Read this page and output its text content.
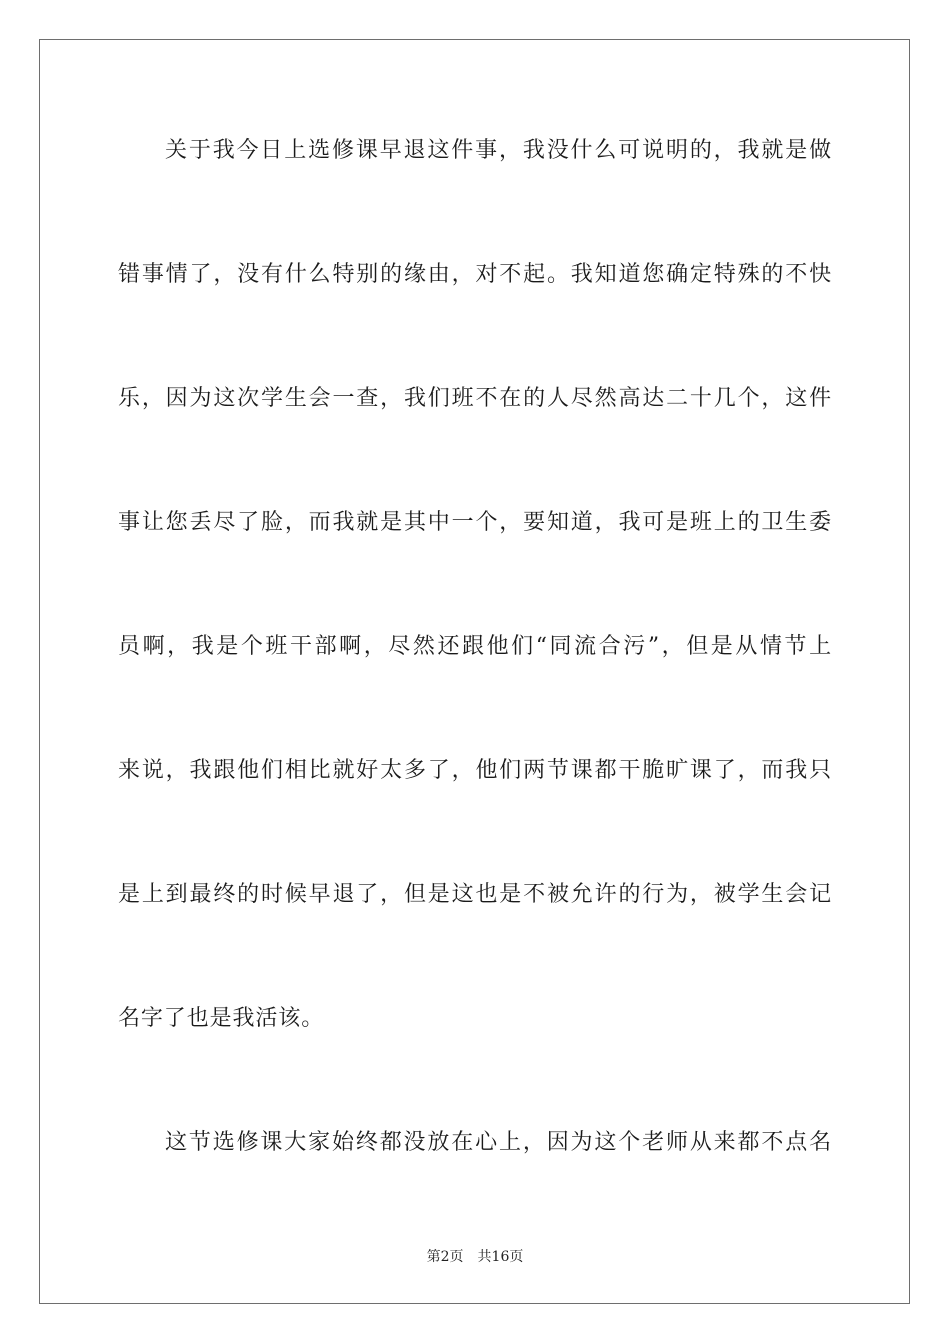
关于我今日上选修课早退这件事，我没什么可说明的，我就是做
错事情了，没有什么特别的缘由，对不起。我知道您确定特殊的不快
乐，因为这次学生会一查，我们班不在的人尽然高达二十几个，这件
事让您丢尽了脸，而我就是其中一个，要知道，我可是班上的卫生委
员啊，我是个班干部啊，尽然还跟他们“同流合污”，但是从情节上
来说，我跟他们相比就好太多了，他们两节课都干脆旷课了，而我只
是上到最终的时候早退了，但是这也是不被允许的行为，被学生会记
名字了也是我活该。
这节选修课大家始终都没放在心上，因为这个老师从来都不点名
第2页 共16页
